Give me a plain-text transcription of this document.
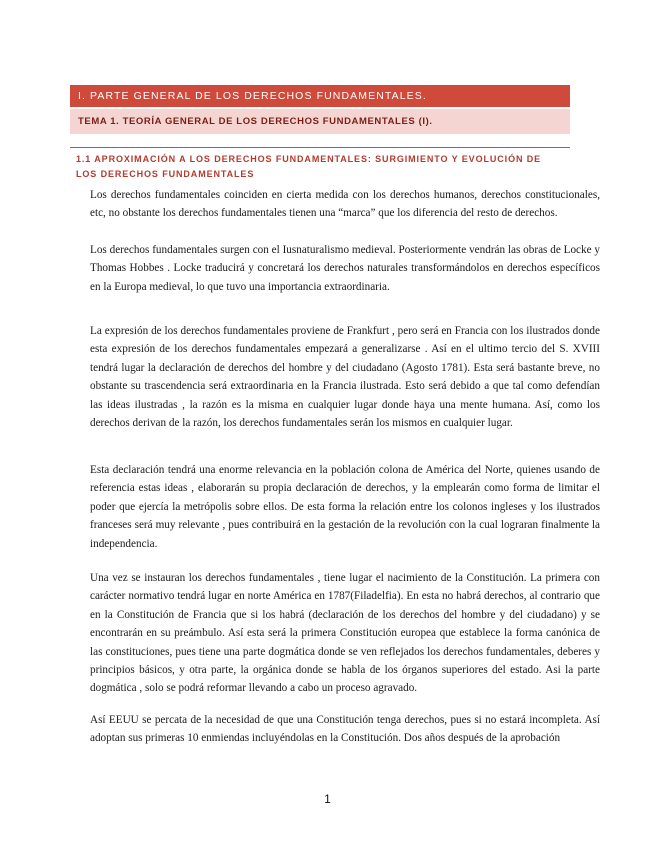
I. PARTE GENERAL DE LOS DERECHOS FUNDAMENTALES.
TEMA 1. TEORÍA GENERAL DE LOS DERECHOS FUNDAMENTALES (I).
1.1 APROXIMACIÓN A LOS DERECHOS FUNDAMENTALES: SURGIMIENTO Y EVOLUCIÓN DE LOS DERECHOS FUNDAMENTALES

Los derechos fundamentales coinciden en cierta medida con los derechos humanos, derechos constitucionales, etc, no obstante los derechos fundamentales tienen una “marca” que los diferencia del resto de derechos.

Los derechos fundamentales surgen con el Iusnaturalismo medieval. Posteriormente vendrán las obras de Locke y Thomas Hobbes . Locke traducirá y concretará los derechos naturales transformándolos en derechos específicos en la Europa medieval, lo que tuvo una importancia extraordinaria.

La expresión de los derechos fundamentales proviene de Frankfurt , pero será en Francia con los ilustrados donde esta expresión de los derechos fundamentales empezará a generalizarse . Así en el ultimo tercio del S. XVIII tendrá lugar la declaración de derechos del hombre y del ciudadano (Agosto 1781). Esta será bastante breve, no obstante su trascendencia será extraordinaria en la Francia ilustrada. Esto será debido a que tal como defendían las ideas ilustradas , la razón es la misma en cualquier lugar donde haya una mente humana. Así, como los derechos derivan de la razón, los derechos fundamentales serán los mismos en cualquier lugar.

Esta declaración tendrá una enorme relevancia en la población colona de América del Norte, quienes usando de referencia estas ideas , elaborarán su propia declaración de derechos, y la emplearán como forma de limitar el poder que ejercía la metrópolis sobre ellos. De esta forma la relación entre los colonos ingleses y los ilustrados franceses será muy relevante , pues contribuirá en la gestación de la revolución con la cual lograran finalmente la independencia.

Una vez se instauran los derechos fundamentales , tiene lugar el nacimiento de la Constitución. La primera con carácter normativo tendrá lugar en norte América en 1787(Filadelfia). En esta no habrá derechos, al contrario que en la Constitución de Francia que si los habrá (declaración de los derechos del hombre y del ciudadano) y se encontrarán en su preámbulo. Así esta será la primera Constitución europea que establece la forma canónica de las constituciones, pues tiene una parte dogmática donde se ven reflejados los derechos fundamentales, deberes y principios básicos, y otra parte, la orgánica donde se habla de los órganos superiores del estado. Asi la parte dogmática , solo se podrá reformar llevando a cabo un proceso agravado.

Así EEUU se percata de la necesidad de que una Constitución tenga derechos, pues si no estará incompleta. Así adoptan sus primeras 10 enmiendas incluyéndolas en la Constitución. Dos años después de la aprobación

1
